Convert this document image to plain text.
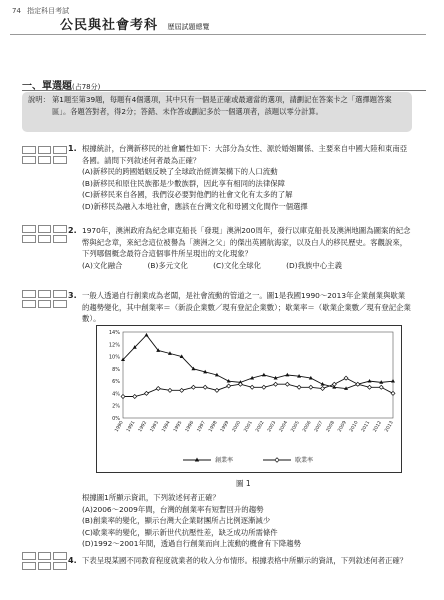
74 指定科目考試
公民與社會考科 歷屆試題總覽
一、單選題(占78分)
說明： 第1題至第39題，每題有4個選項，其中只有一個是正確或最適當的選項，請劃記在答案卡之「選擇題答案區」。各題答對者，得2分；答錯、未作答或劃記多於一個選項者，該題以零分計算。
1. 根據統計，台灣新移民的社會屬性如下：大部分為女性、源於婚姻關係、主要來自中國大陸和東南亞各國。請問下列敘述何者最為正確？
(A)新移民的跨國婚姻反映了全球政治經濟架構下的人口流動
(B)新移民和原住民族都是少數族群，因此享有相同的法律保障
(C)新移民來自各國，我們沒必要對他們的社會文化有太多的了解
(D)新移民為融入本地社會，應該在台灣文化和母國文化間作一個選擇
2. 1970年，澳洲政府為紀念庫克船長「發現」澳洲200周年，發行以庫克船長及澳洲地圖為圖案的紀念幣與紀念章，來紀念這位被譽為「澳洲之父」的傑出英國航海家，以及白人的移民歷史。客觀說來，下列哪個概念最符合這個事件所呈現出的文化現象？
(A)文化融合	(B)多元文化	(C)文化全球化	(D)我族中心主義
3. 一般人透過自行創業成為老闆，是社會流動的管道之一。圖1是我國1990～2013年企業創業與歇業的趨勢變化，其中創業率＝（新設企業數／現有登記企業數）；歇業率＝（歇業企業數／現有登記企業數）。
0%
2%
4%
6%
8%
10%
12%
14%
1990 1991 1992 1993 1994 1995 1996 1997 1998 1999 2000 2001 2002 2003 2004 2005 2006 2007 2008 2009 2010 2011 2012 2013
創業率	歇業率
圖 1
根據圖1所顯示資訊，下列敘述何者正確？
(A)2006～2009年間，台灣的創業率有短暫回升的趨勢
(B)創業率的變化，顯示台灣大企業財團所占比例逐漸減少
(C)歇業率的變化，顯示新世代抗壓性差，缺乏成功所需條件
(D)1992～2001年間，透過自行創業而向上流動的機會有下降趨勢
4. 下表呈現某國不同教育程度就業者的收入分布情形。根據表格中所顯示的資訊，下列敘述何者正確？
